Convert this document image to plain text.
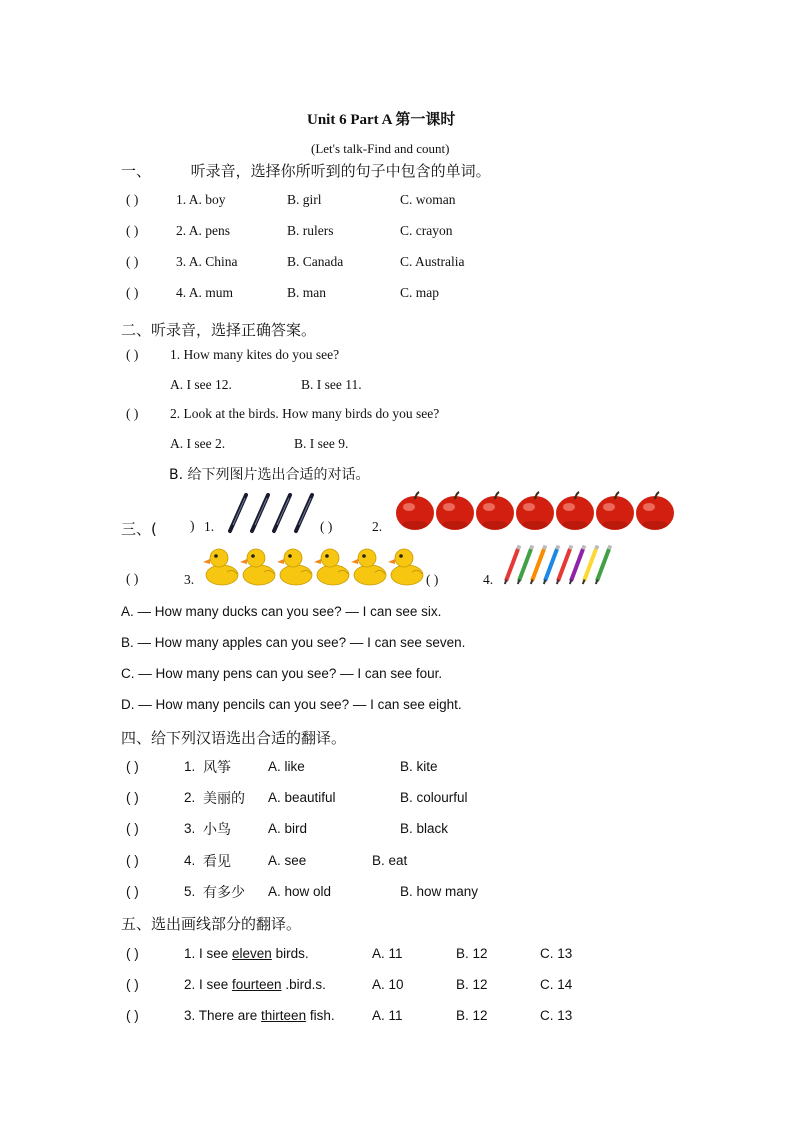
Unit 6 Part A 第一课时
(Let's talk-Find and count)
一、	听录音，选择你所听到的句子中包含的单词。
( )	1. A. boy	B. girl	C. woman
( )	2. A. pens	B. rulers	C. crayon
( )	3. A. China	B. Canada	C. Australia
( )	4. A. mum	B. man	C. map
二、听录音，选择正确答案。
( ) 1. How many kites do you see?
A. I see 12.	B. I see 11.
( ) 2. Look at the birds. How many birds do you see?
A. I see 2.	B. I see 9.
B. 给下列图片选出合适的对话。
三、( ) 1.	( )	2.
( )	3.	( )	4.
A. — How many ducks can you see? — I can see six.
B. — How many apples can you see? — I can see seven.
C. — How many pens can you see? — I can see four.
D. — How many pencils can you see? — I can see eight.
四、给下列汉语选出合适的翻译。
( )	1. 风筝	A. like	B. kite
( )	2. 美丽的 A. beautiful	B. colourful
( )	3. 小鸟	A. bird	B. black
( )	4. 看见	A. see	B. eat
( )	5. 有多少 A. how old	B. how many
五、选出画线部分的翻译。
( )	1. I see eleven birds.	A. 11	B. 12	C. 13
( )	2. I see fourteen .bird.s.	A. 10	B. 12	C. 14
( )	3. There are thirteen fish.	A. 11	B. 12	C. 13
